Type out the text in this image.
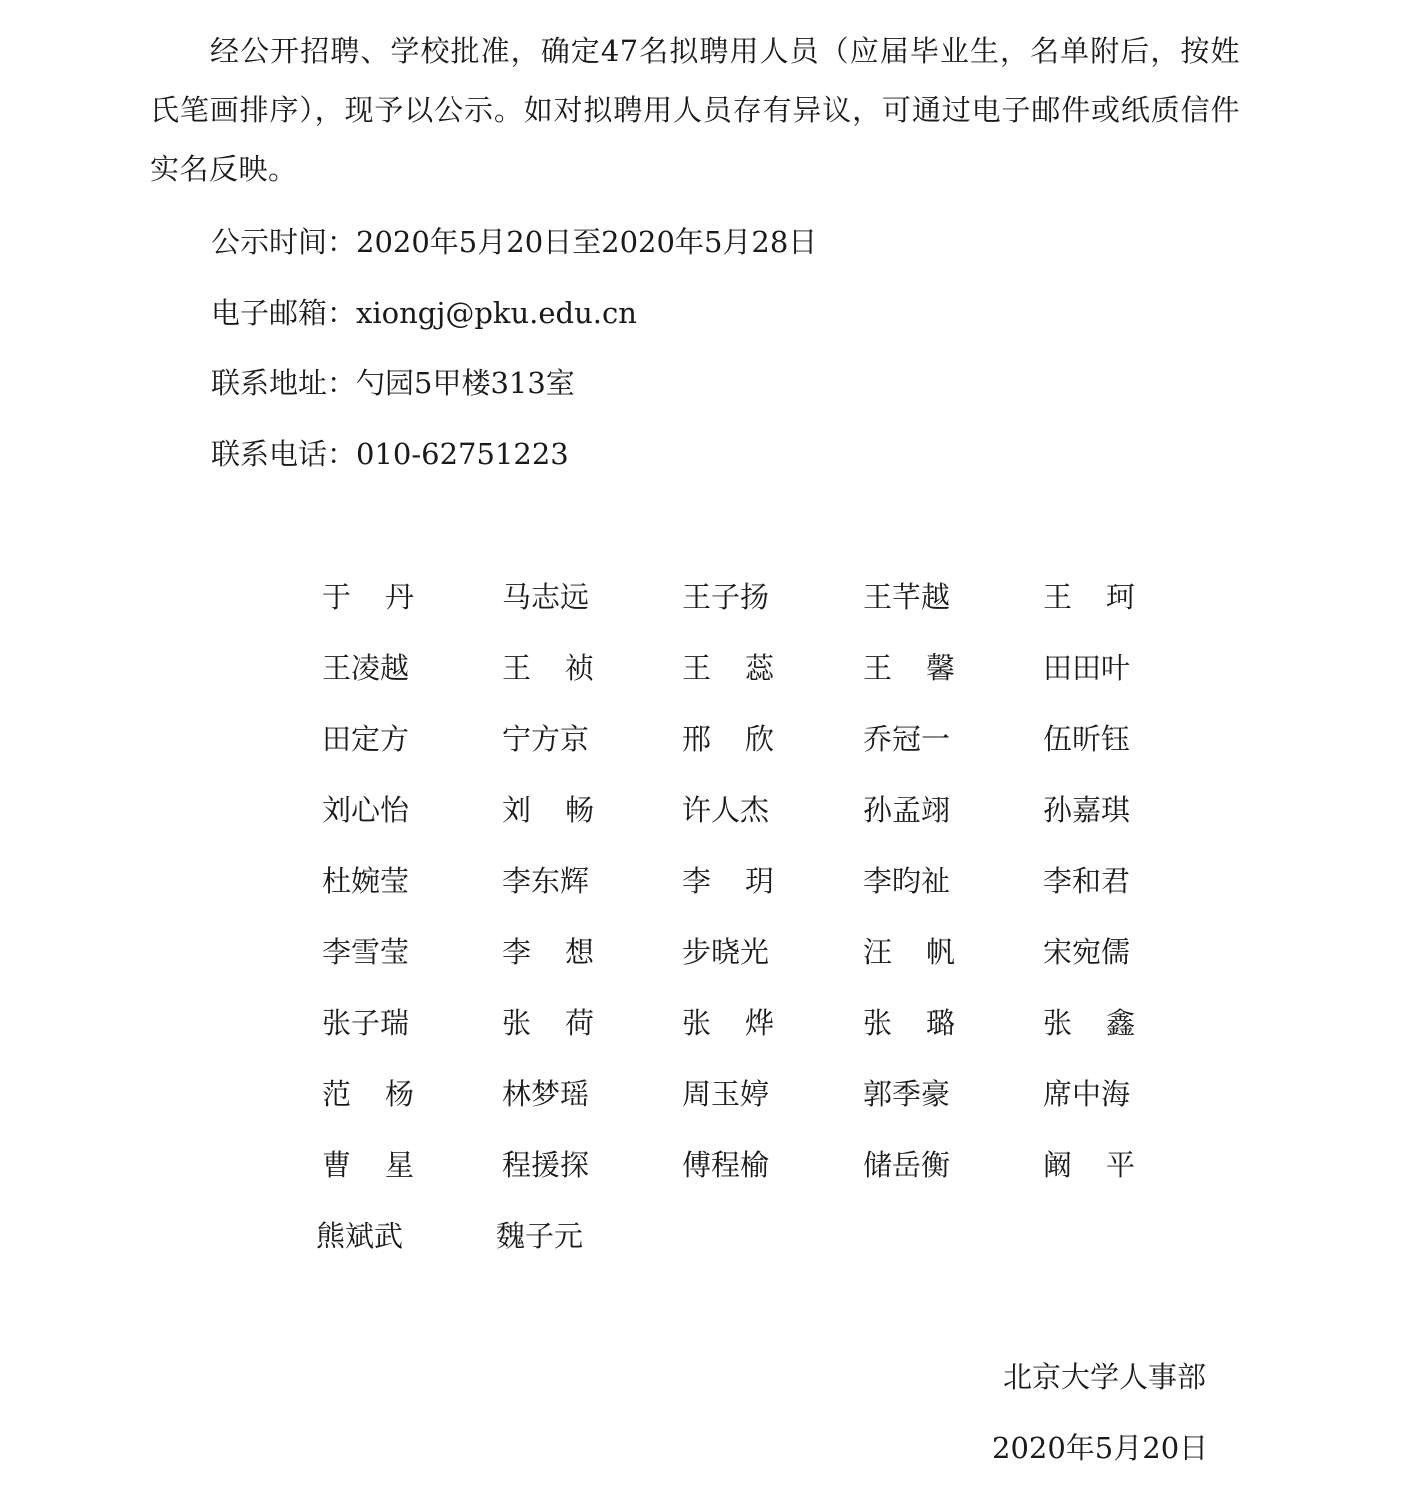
经公开招聘、学校批准，确定47名拟聘用人员（应届毕业生，名单附后，按姓氏笔画排序），现予以公示。如对拟聘用人员存有异议，可通过电子邮件或纸质信件实名反映。
公示时间：2020年5月20日至2020年5月28日
电子邮箱：xiongj@pku.edu.cn
联系地址：勺园5甲楼313室
联系电话：010-62751223
于 丹	马志远	王子扬	王芊越	王 珂
王凌越	王 祯	王 蕊	王 馨	田田叶
田定方	宁方京	邢 欣	乔冠一	伍昕钰
刘心怡	刘 畅	许人杰	孙孟翊	孙嘉琪
杜婉莹	李东辉	李 玥	李昀祉	李和君
李雪莹	李 想	步晓光	汪 帆	宋宛儒
张子瑞	张 荷	张 烨	张 璐	张 鑫
范 杨	林梦瑶	周玉婷	郭季豪	席中海
曹 星	程援探	傅程榆	储岳衡	阚 平
熊斌武	魏子元
北京大学人事部
2020年5月20日
